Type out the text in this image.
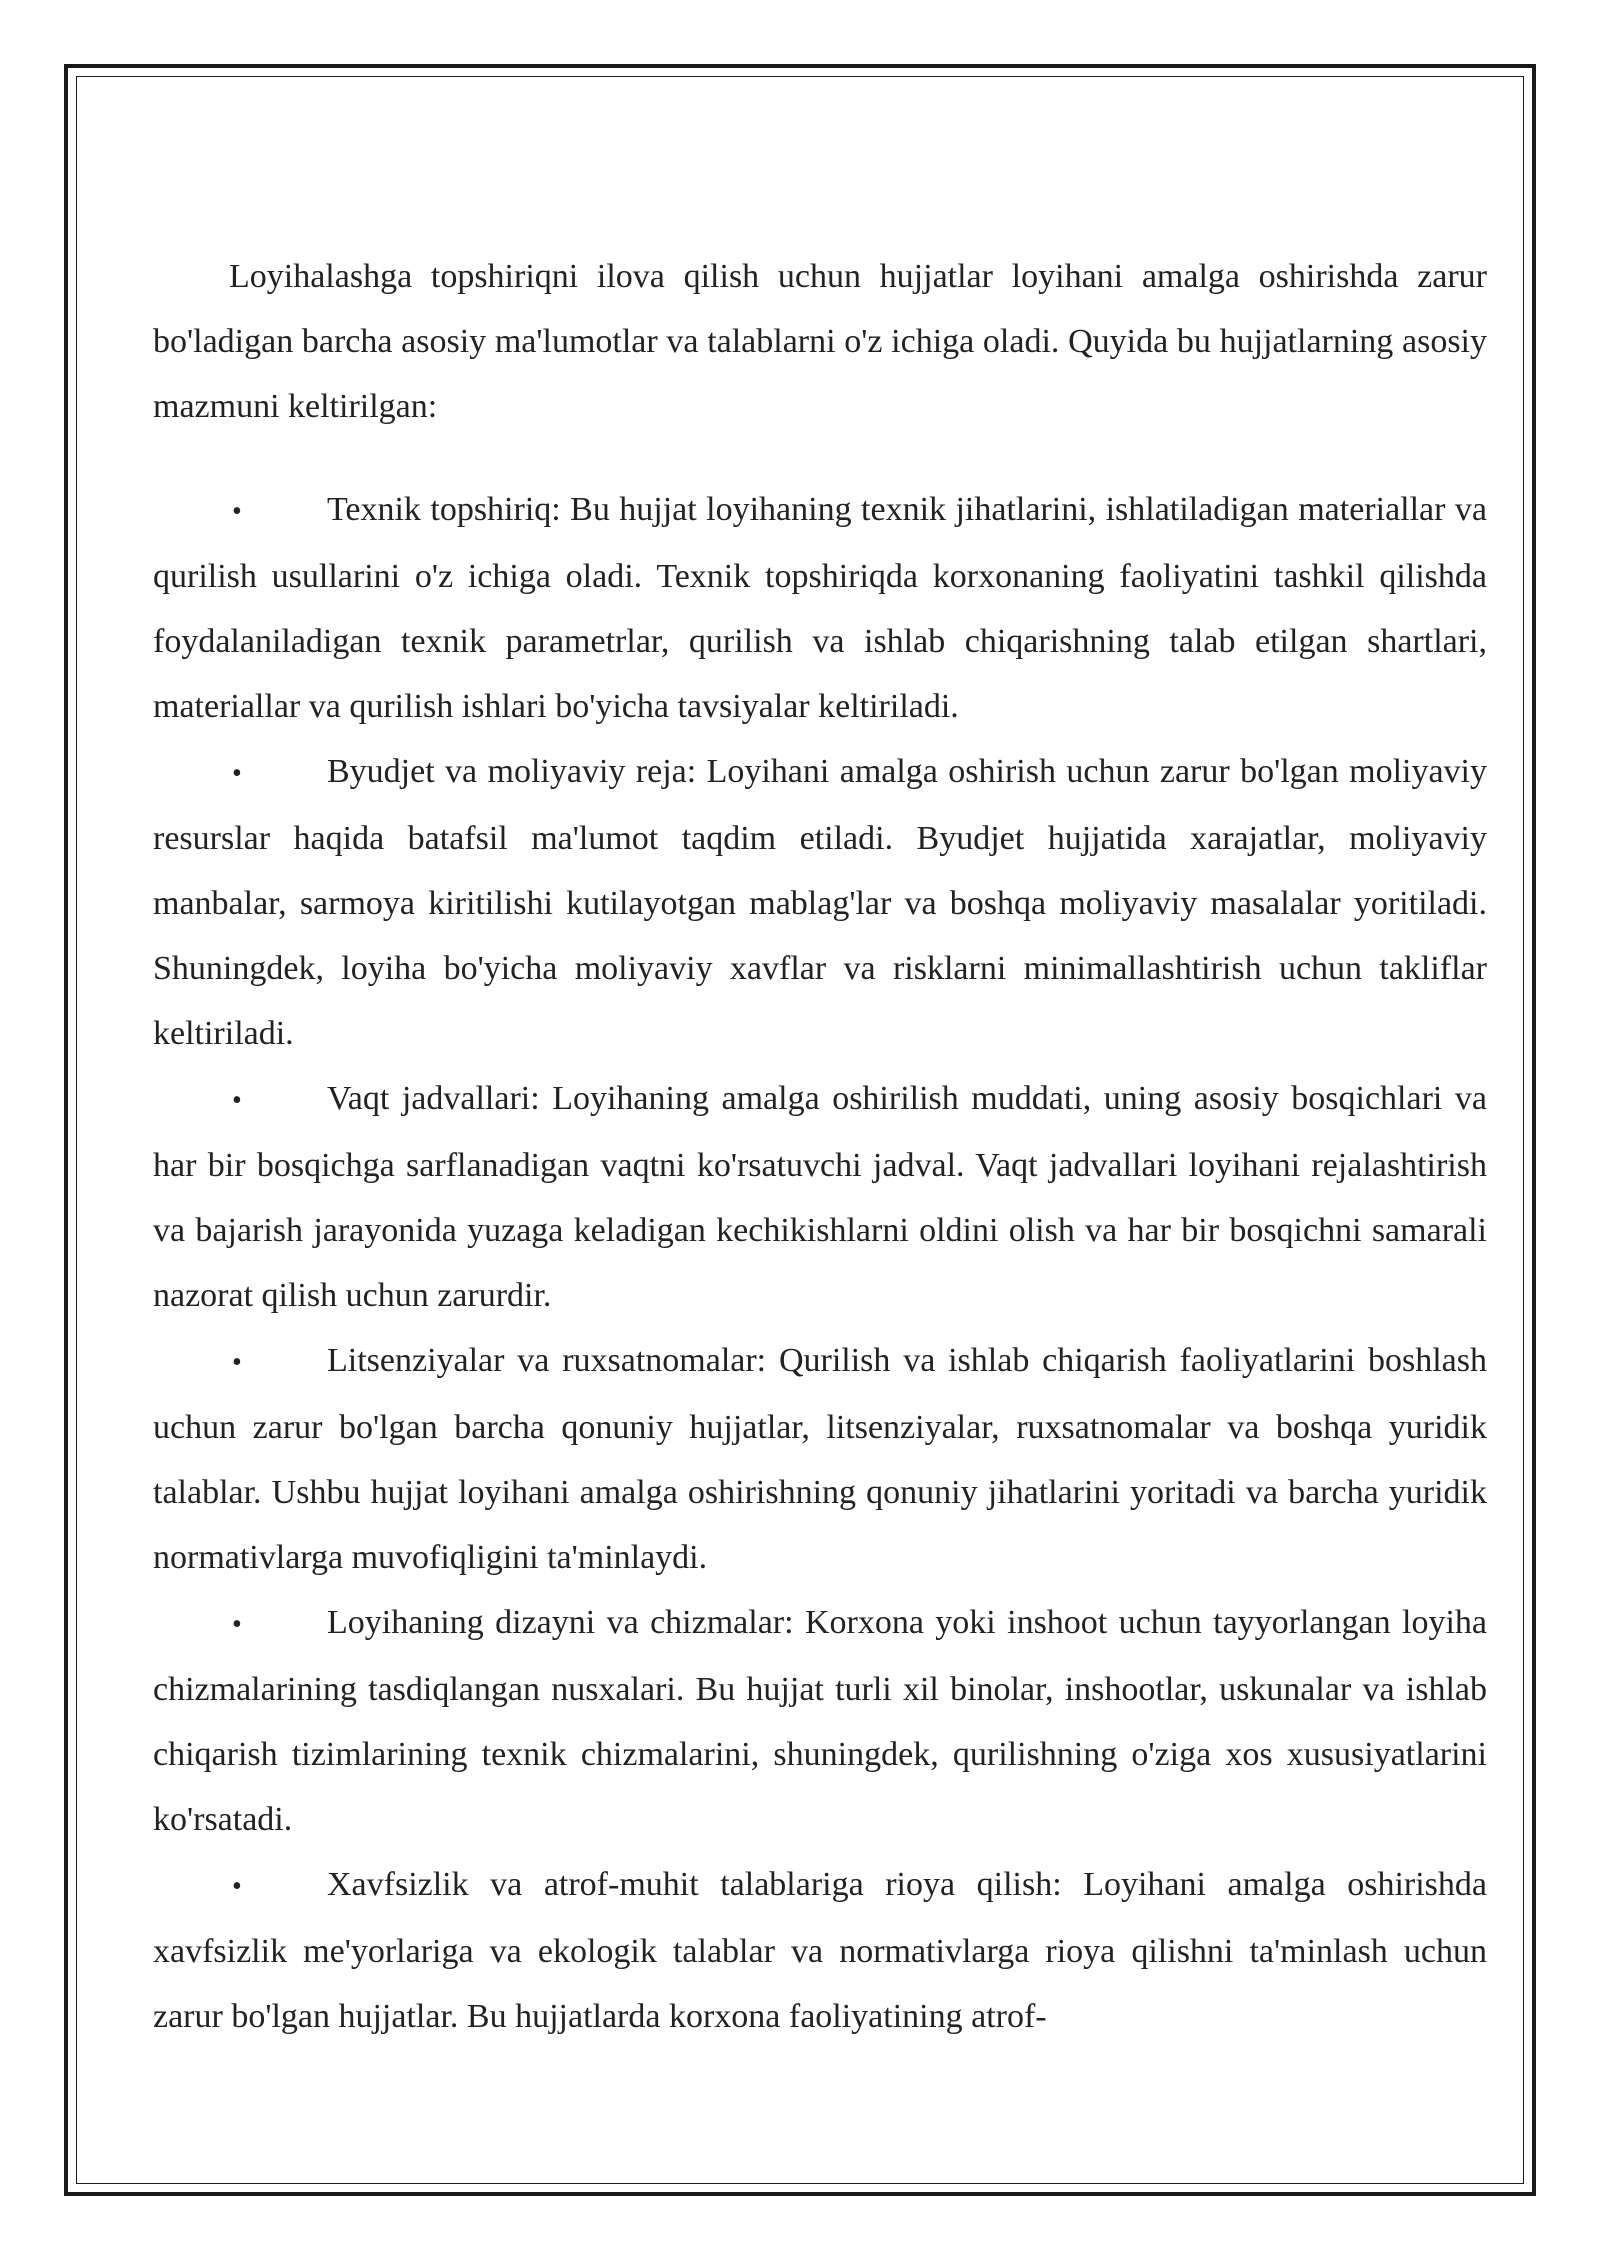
Loyihalashga topshiriqni ilova qilish uchun hujjatlar loyihani amalga oshirishda zarur bo'ladigan barcha asosiy ma'lumotlar va talablarni o'z ichiga oladi. Quyida bu hujjatlarning asosiy mazmuni keltirilgan:

•	Texnik topshiriq: Bu hujjat loyihaning texnik jihatlarini, ishlatiladigan materiallar va qurilish usullarini o'z ichiga oladi. Texnik topshiriqda korxonaning faoliyatini tashkil qilishda foydalaniladigan texnik parametrlar, qurilish va ishlab chiqarishning talab etilgan shartlari, materiallar va qurilish ishlari bo'yicha tavsiyalar keltiriladi.

•	Byudjet va moliyaviy reja: Loyihani amalga oshirish uchun zarur bo'lgan moliyaviy resurslar haqida batafsil ma'lumot taqdim etiladi. Byudjet hujjatida xarajatlar, moliyaviy manbalar, sarmoya kiritilishi kutilayotgan mablag'lar va boshqa moliyaviy masalalar yoritiladi. Shuningdek, loyiha bo'yicha moliyaviy xavflar va risklarni minimallashtirish uchun takliflar keltiriladi.

•	Vaqt jadvallari: Loyihaning amalga oshirilish muddati, uning asosiy bosqichlari va har bir bosqichga sarflanadigan vaqtni ko'rsatuvchi jadval. Vaqt jadvallari loyihani rejalashtirish va bajarish jarayonida yuzaga keladigan kechikishlarni oldini olish va har bir bosqichni samarali nazorat qilish uchun zarurdir.

•	Litsenziyalar va ruxsatnomalar: Qurilish va ishlab chiqarish faoliyatlarini boshlash uchun zarur bo'lgan barcha qonuniy hujjatlar, litsenziyalar, ruxsatnomalar va boshqa yuridik talablar. Ushbu hujjat loyihani amalga oshirishning qonuniy jihatlarini yoritadi va barcha yuridik normativlarga muvofiqligini ta'minlaydi.

•	Loyihaning dizayni va chizmalar: Korxona yoki inshoot uchun tayyorlangan loyiha chizmalarining tasdiqlangan nusxalari. Bu hujjat turli xil binolar, inshootlar, uskunalar va ishlab chiqarish tizimlarining texnik chizmalarini, shuningdek, qurilishning o'ziga xos xususiyatlarini ko'rsatadi.

•	Xavfsizlik va atrof-muhit talablariga rioya qilish: Loyihani amalga oshirishda xavfsizlik me'yorlariga va ekologik talablar va normativlarga rioya qilishni ta'minlash uchun zarur bo'lgan hujjatlar. Bu hujjatlarda korxona faoliyatining atrof-
